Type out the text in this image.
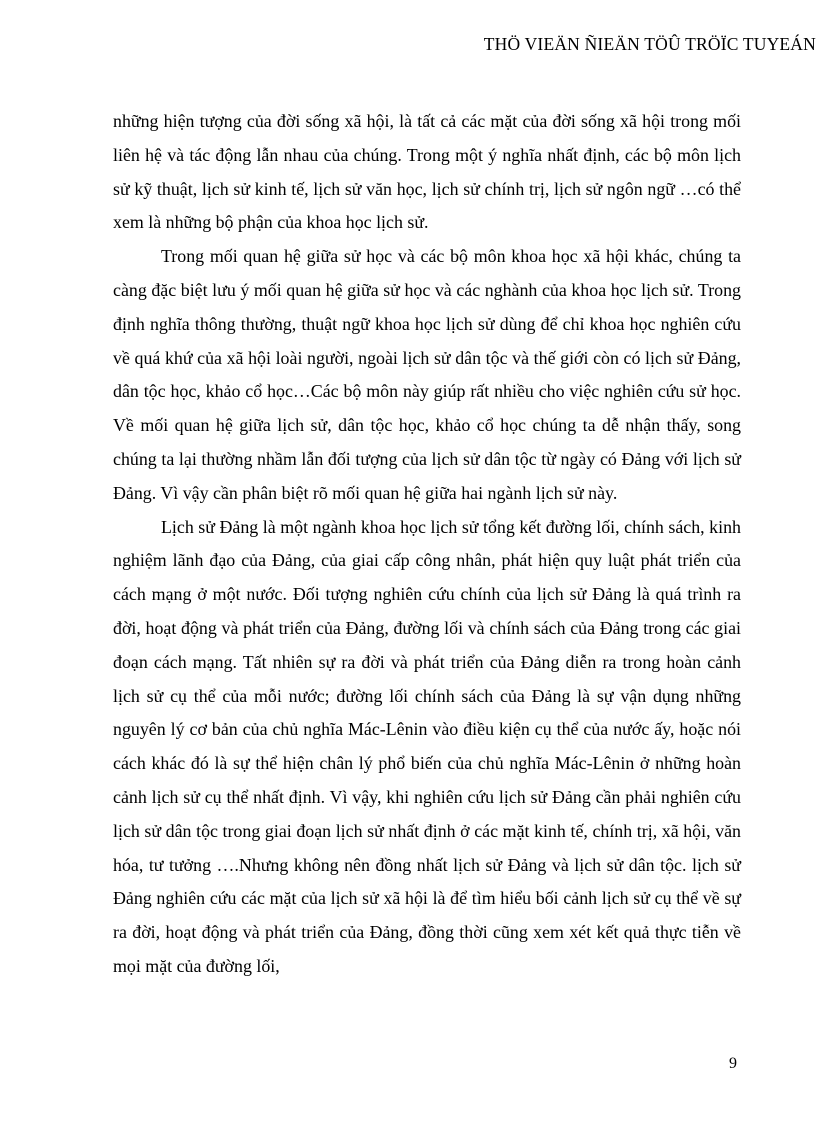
THÖ VIEÄN ÑIEÄN TÖÛ TRÖÏC TUYEÁN

những hiện tượng của đời sống xã hội, là tất cả các mặt của đời sống xã hội trong mối liên hệ và tác động lẫn nhau của chúng. Trong một ý nghĩa nhất định, các bộ môn lịch sử kỹ thuật, lịch sử kinh tế, lịch sử văn học, lịch sử chính trị, lịch sử ngôn ngữ …có thể xem là những bộ phận của khoa học lịch sử.

Trong mối quan hệ giữa sử học và các bộ môn khoa học xã hội khác, chúng ta càng đặc biệt lưu ý mối quan hệ giữa sử học và các nghành của khoa học lịch sử. Trong định nghĩa thông thường, thuật ngữ khoa học lịch sử dùng để chỉ khoa học nghiên cứu về quá khứ của xã hội loài người, ngoài lịch sử dân tộc và thế giới còn có lịch sử Đảng, dân tộc học, khảo cổ học…Các bộ môn này giúp rất nhiều cho việc nghiên cứu sử học. Về mối quan hệ giữa lịch sử, dân tộc học, khảo cổ học chúng ta dễ nhận thấy, song chúng ta lại thường nhầm lẫn đối tượng của lịch sử dân tộc từ ngày có Đảng với lịch sử Đảng. Vì vậy cần phân biệt rõ mối quan hệ giữa hai ngành lịch sử này.

Lịch sử Đảng là một ngành khoa học lịch sử tổng kết đường lối, chính sách, kinh nghiệm lãnh đạo của Đảng, của giai cấp công nhân, phát hiện quy luật phát triển của cách mạng ở một nước. Đối tượng nghiên cứu chính của lịch sử Đảng là quá trình ra đời, hoạt động và phát triển của Đảng, đường lối và chính sách của Đảng trong các giai đoạn cách mạng. Tất nhiên sự ra đời và phát triển của Đảng diễn ra trong hoàn cảnh lịch sử cụ thể của mỗi nước; đường lối chính sách của Đảng là sự vận dụng những nguyên lý cơ bản của chủ nghĩa Mác-Lênin vào điều kiện cụ thể của nước ấy, hoặc nói cách khác đó là sự thể hiện chân lý phổ biến của chủ nghĩa Mác-Lênin ở những hoàn cảnh lịch sử cụ thể nhất định. Vì vậy, khi nghiên cứu lịch sử Đảng cần phải nghiên cứu lịch sử dân tộc trong giai đoạn lịch sử nhất định ở các mặt kinh tế, chính trị, xã hội, văn hóa, tư tưởng ….Nhưng không nên đồng nhất lịch sử Đảng và lịch sử dân tộc. lịch sử Đảng nghiên cứu các mặt của lịch sử xã hội là để tìm hiểu bối cảnh lịch sử cụ thể về sự ra đời, hoạt động và phát triển của Đảng, đồng thời cũng xem xét kết quả thực tiễn về mọi mặt của đường lối,

9
